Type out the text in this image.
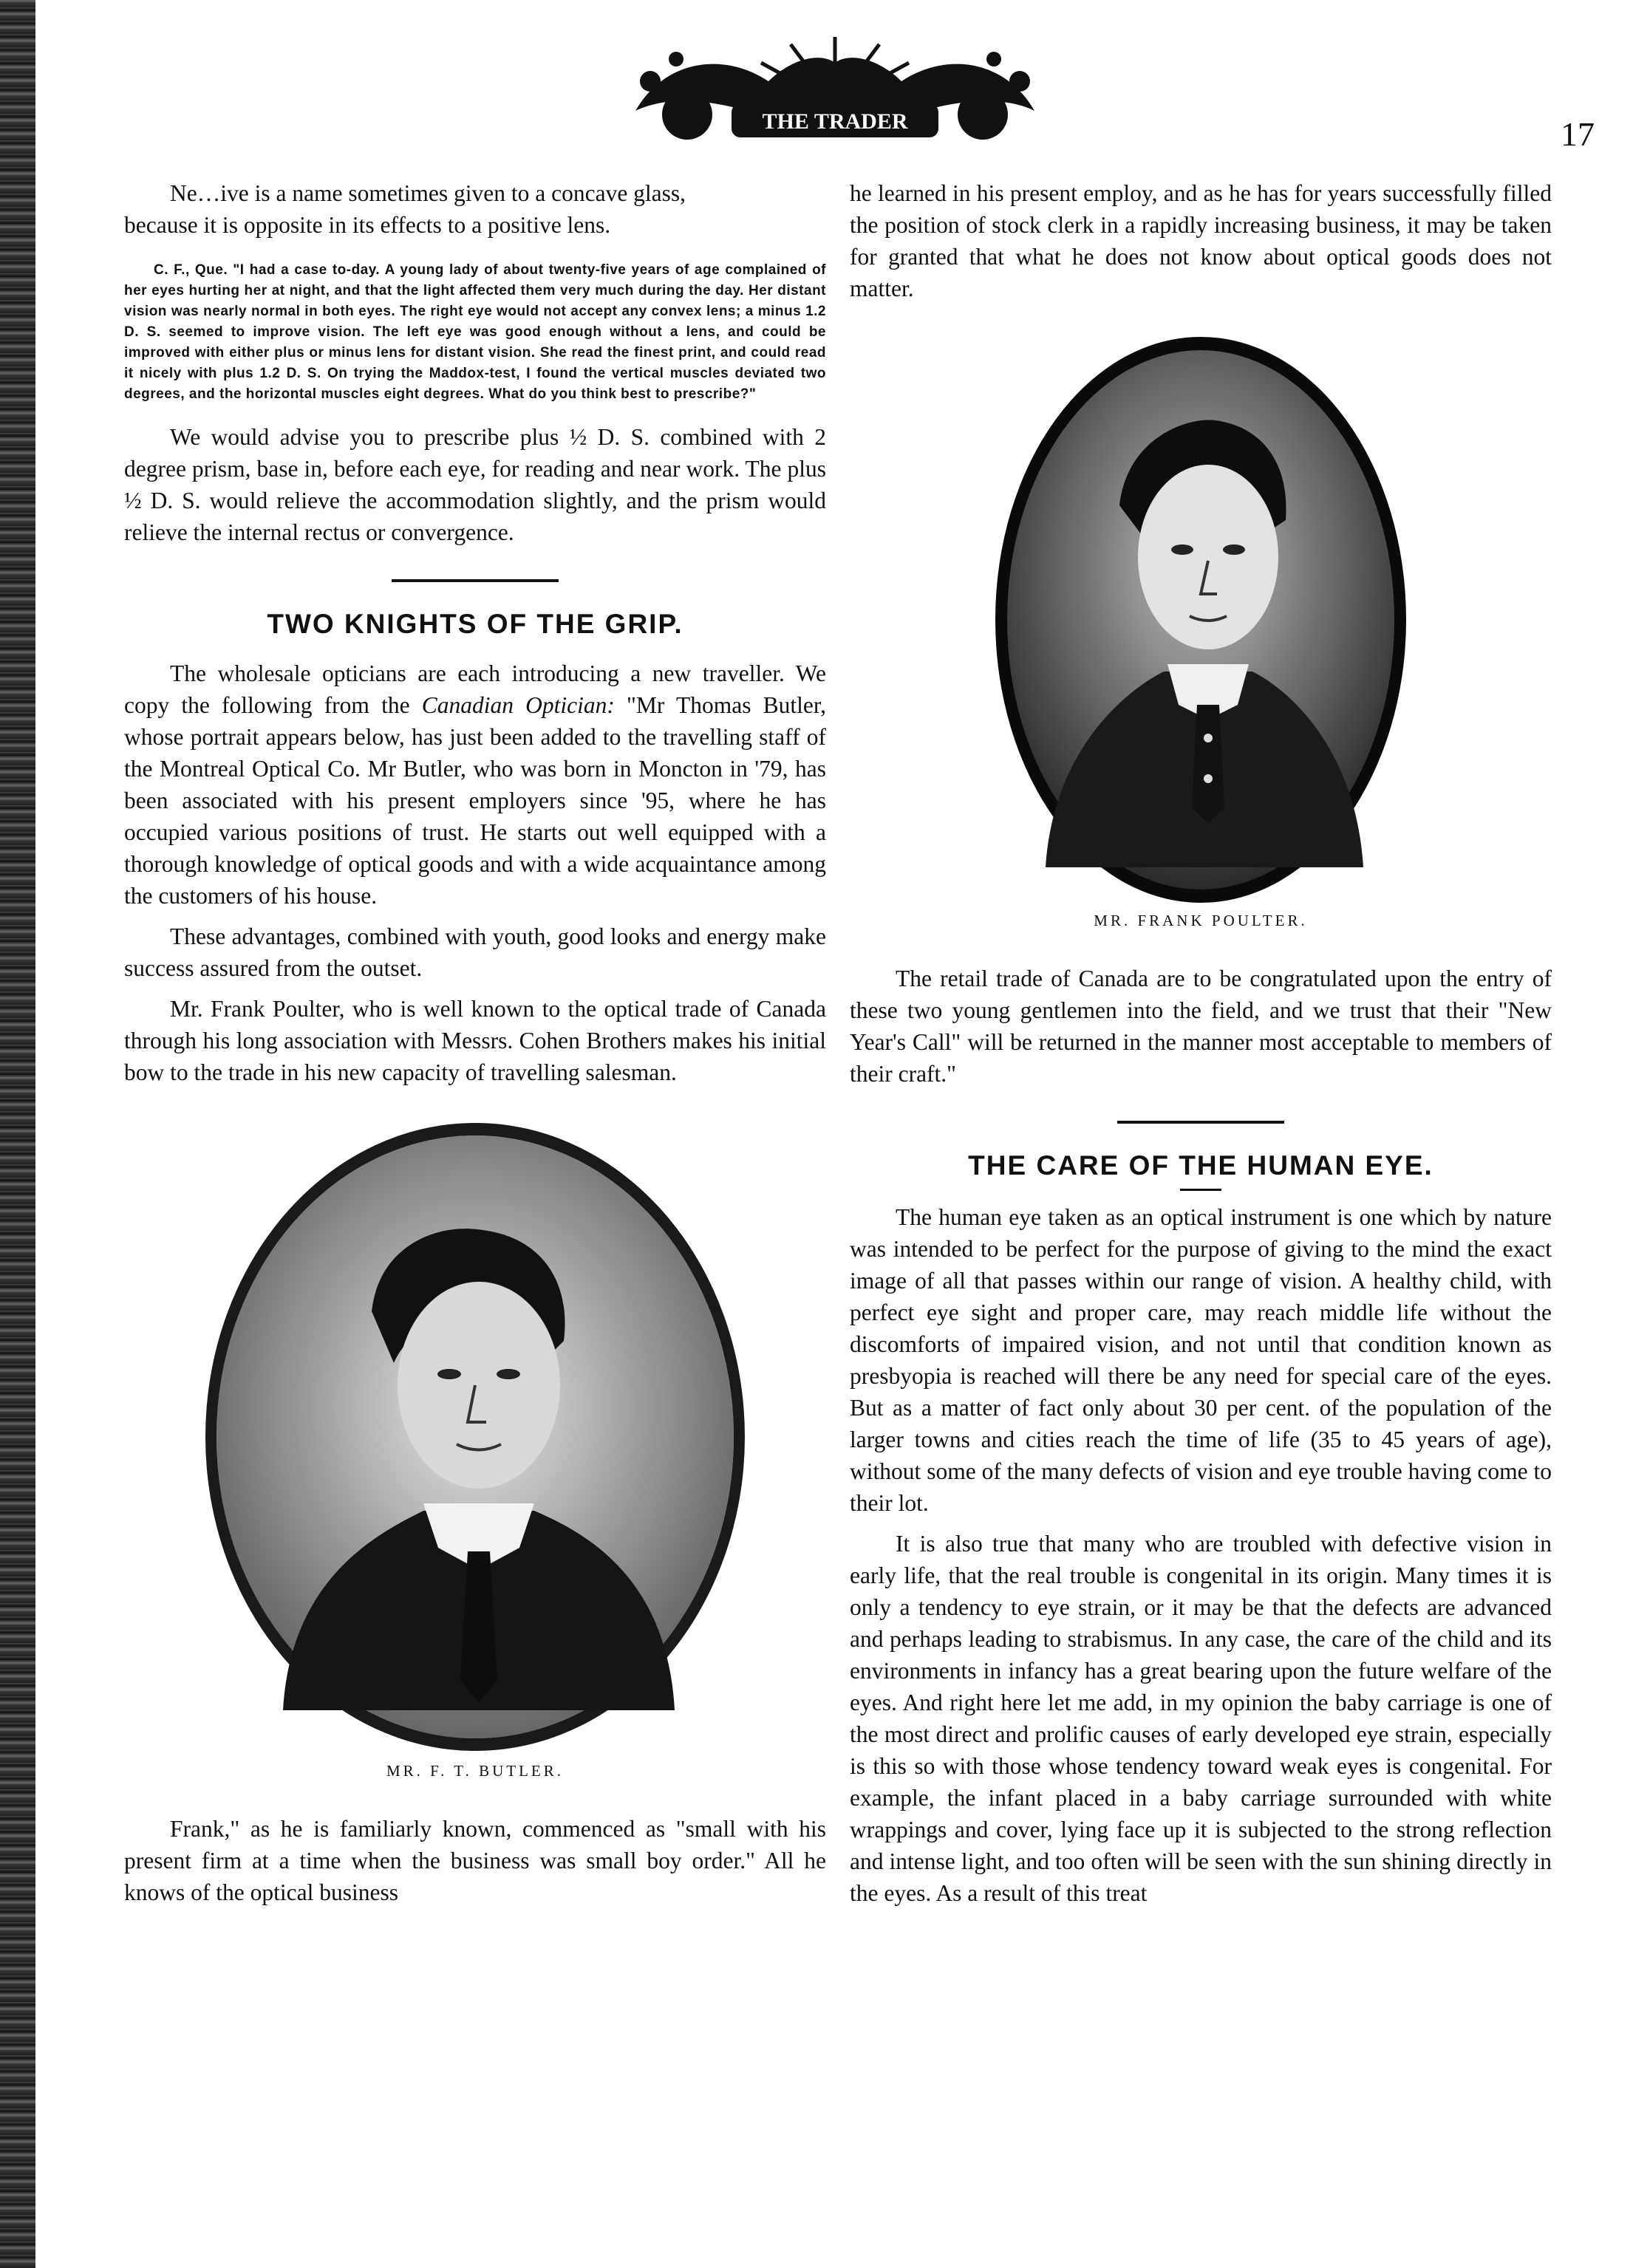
THE TRADER	17

Ne…ive is a name sometimes given to a concave glass,

because it is opposite in its effects to a positive lens.

C. F., Que. "I had a case to-day. A young lady of about twenty-five years of age complained of her eyes hurting her at night, and that the light affected them very much during the day. Her distant vision was nearly normal in both eyes. The right eye would not accept any convex lens; a minus 1.2 D. S. seemed to improve vision. The left eye was good enough without a lens, and could be improved with either plus or minus lens for distant vision. She read the finest print, and could read it nicely with plus 1.2 D. S. On trying the Maddox-test, I found the vertical muscles deviated two degrees, and the horizontal muscles eight degrees. What do you think best to prescribe?"

We would advise you to prescribe plus ½ D. S. combined with 2 degree prism, base in, before each eye, for reading and near work. The plus ½ D. S. would relieve the accommodation slightly, and the prism would relieve the internal rectus or convergence.

TWO KNIGHTS OF THE GRIP.

The wholesale opticians are each introducing a new traveller. We copy the following from the Canadian Optician: "Mr Thomas Butler, whose portrait appears below, has just been added to the travelling staff of the Montreal Optical Co. Mr Butler, who was born in Moncton in '79, has been associated with his present employers since '95, where he has occupied various positions of trust. He starts out well equipped with a thorough knowledge of optical goods and with a wide acquaintance among the customers of his house.

These advantages, combined with youth, good looks and energy make success assured from the outset.

Mr. Frank Poulter, who is well known to the optical trade of Canada through his long association with Messrs. Cohen Brothers makes his initial bow to the trade in his new capacity of travelling salesman.

MR. F. T. BUTLER.

Frank," as he is familiarly known, commenced as "small with his present firm at a time when the business was small boy order." All he knows of the optical business

he learned in his present employ, and as he has for years successfully filled the position of stock clerk in a rapidly increasing business, it may be taken for granted that what he does not know about optical goods does not matter.

MR. FRANK POULTER.

The retail trade of Canada are to be congratulated upon the entry of these two young gentlemen into the field, and we trust that their "New Year's Call" will be returned in the manner most acceptable to members of their craft."

THE CARE OF THE HUMAN EYE.

The human eye taken as an optical instrument is one which by nature was intended to be perfect for the purpose of giving to the mind the exact image of all that passes within our range of vision. A healthy child, with perfect eye sight and proper care, may reach middle life without the discomforts of impaired vision, and not until that condition known as presbyopia is reached will there be any need for special care of the eyes. But as a matter of fact only about 30 per cent. of the population of the larger towns and cities reach the time of life (35 to 45 years of age), without some of the many defects of vision and eye trouble having come to their lot.

It is also true that many who are troubled with defective vision in early life, that the real trouble is congenital in its origin. Many times it is only a tendency to eye strain, or it may be that the defects are advanced and perhaps leading to strabismus. In any case, the care of the child and its environments in infancy has a great bearing upon the future welfare of the eyes. And right here let me add, in my opinion the baby carriage is one of the most direct and prolific causes of early developed eye strain, especially is this so with those whose tendency toward weak eyes is congenital. For example, the infant placed in a baby carriage surrounded with white wrappings and cover, lying face up it is subjected to the strong reflection and intense light, and too often will be seen with the sun shining directly in the eyes. As a result of this treat
